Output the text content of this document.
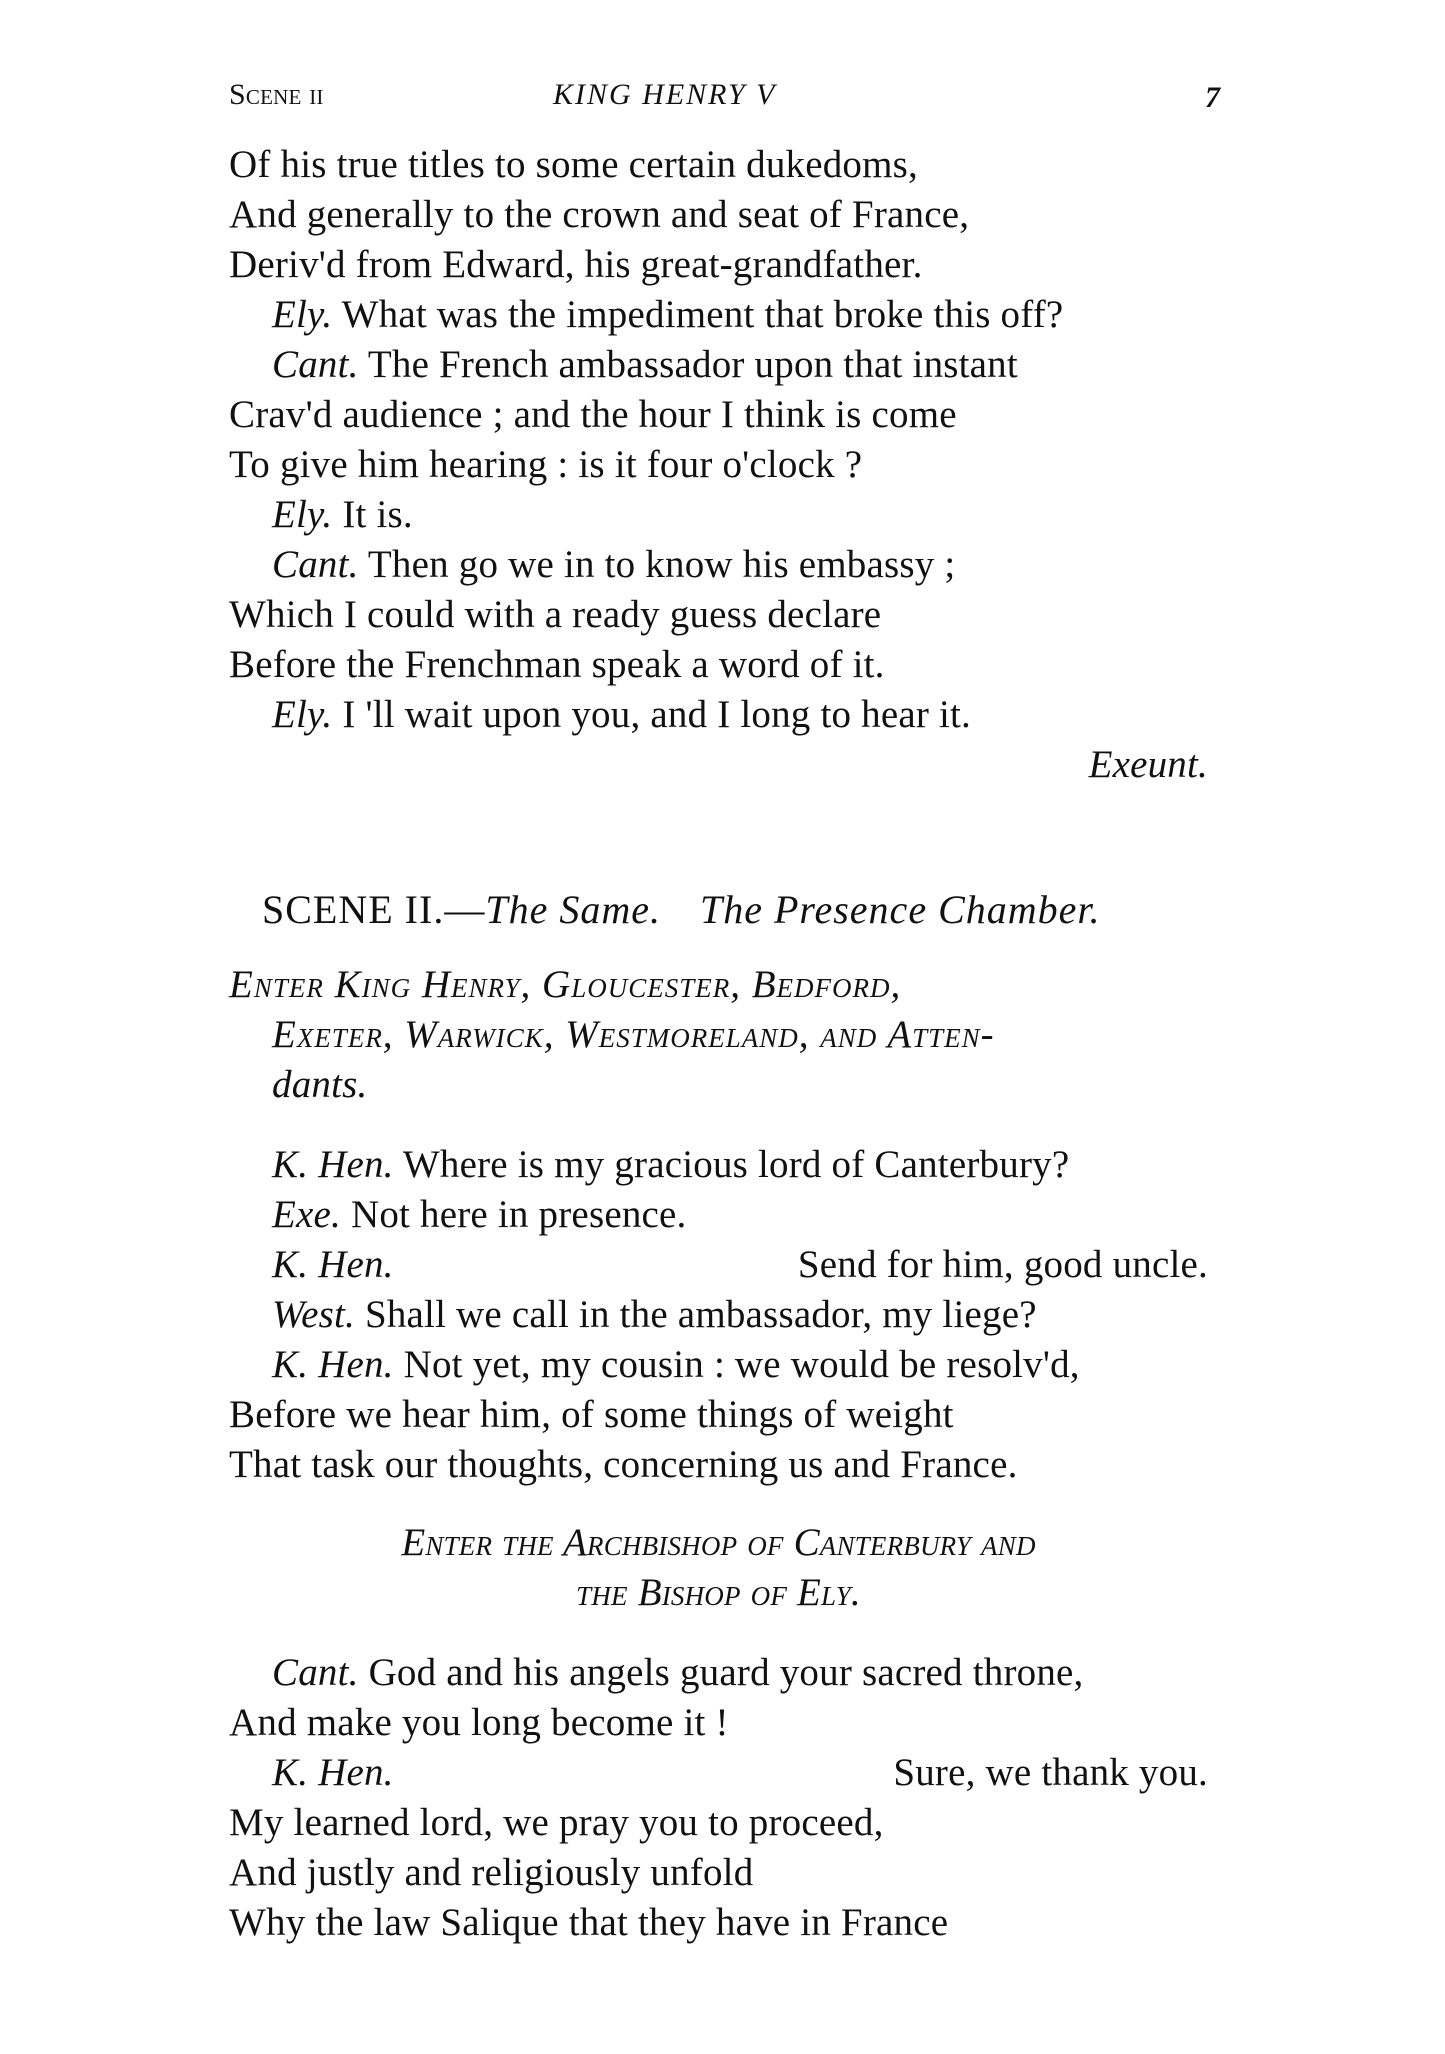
Scene ii	KING HENRY V	7
Of his true titles to some certain dukedoms,
And generally to the crown and seat of France,
Deriv'd from Edward, his great-grandfather.
Ely. What was the impediment that broke this off?
Cant. The French ambassador upon that instant
Crav'd audience ; and the hour I think is come
To give him hearing : is it four o'clock ?
Ely. It is.
Cant. Then go we in to know his embassy ;
Which I could with a ready guess declare
Before the Frenchman speak a word of it.
Ely. I 'll wait upon you, and I long to hear it.
Exeunt.
SCENE II.—The Same. The Presence Chamber.
Enter King Henry, Gloucester, Bedford,
Exeter, Warwick, Westmoreland, and Atten-
dants.
K. Hen. Where is my gracious lord of Canterbury?
Exe. Not here in presence.
K. Hen.	Send for him, good uncle.
West. Shall we call in the ambassador, my liege?
K. Hen. Not yet, my cousin : we would be resolv'd,
Before we hear him, of some things of weight
That task our thoughts, concerning us and France.
Enter the Archbishop of Canterbury and
the Bishop of Ely.
Cant. God and his angels guard your sacred throne,
And make you long become it !
K. Hen.	Sure, we thank you.
My learned lord, we pray you to proceed,
And justly and religiously unfold
Why the law Salique that they have in France
